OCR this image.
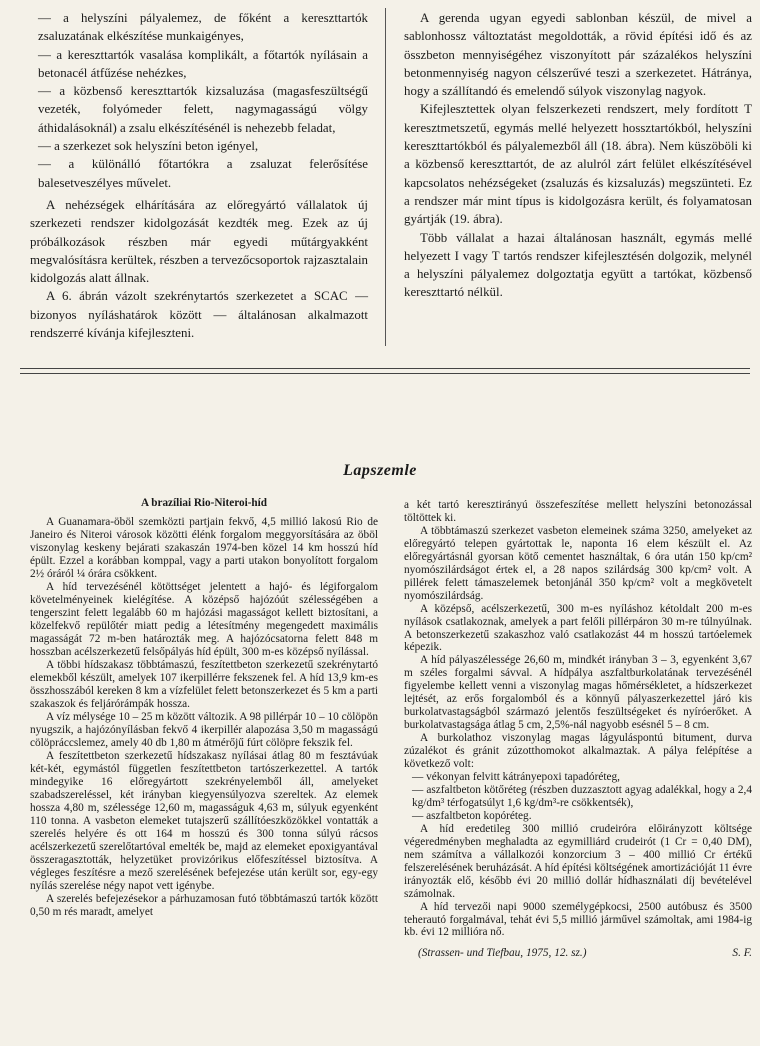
— a helyszíni pályalemez, de főként a kereszttartók zsaluzatának elkészítése munkaigényes,

— a kereszttartók vasalása komplikált, a főtartók nyílásain a betonacél átfűzése nehézkes,

— a közbenső kereszttartók kizsaluzása (magasfeszültségű vezeték, folyómeder felett, nagymagasságú völgy áthidalásoknál) a zsalu elkészítésénél is nehezebb feladat,

— a szerkezet sok helyszíni beton igényel,

— a különálló főtartókra a zsaluzat felerősítése balesetveszélyes művelet.

A nehézségek elhárítására az előregyártó vállalatok új szerkezeti rendszer kidolgozását kezdték meg. Ezek az új próbálkozások részben már egyedi műtárgyakként megvalósításra kerültek, részben a tervezőcsoportok rajzasztalain kidolgozás alatt állnak.

A 6. ábrán vázolt szekrénytartós szerkezetet a SCAC — bizonyos nyíláshatárok között — általánosan alkalmazott rendszerré kívánja kifejleszteni.

A gerenda ugyan egyedi sablonban készül, de mivel a sablonhossz változtatást megoldották, a rövid építési idő és az összbeton mennyiségéhez viszonyított pár százalékos helyszíni betonmennyiség nagyon célszerűvé teszi a szerkezetet. Hátránya, hogy a szállítandó és emelendő súlyok viszonylag nagyok.

Kifejlesztettek olyan felszerkezeti rendszert, mely fordított T keresztmetszetű, egymás mellé helyezett hossztartókból, helyszíni kereszttartókból és pályalemezből áll (18. ábra). Nem küszöböli ki a közbenső kereszttartót, de az alulról zárt felület elkészítésével kapcsolatos nehézségeket (zsaluzás és kizsaluzás) megszünteti. Ez a rendszer már mint típus is kidolgozásra került, és folyamatosan gyártják (19. ábra).

Több vállalat a hazai általánosan használt, egymás mellé helyezett I vagy T tartós rendszer kifejlesztésén dolgozik, melynél a helyszíni pályalemez dolgoztatja együtt a tartókat, közbenső kereszttartó nélkül.

Lapszemle
A brazíliai Rio-Niteroi-híd

A Guanamara-öböl szemközti partjain fekvő, 4,5 millió lakosú Rio de Janeiro és Niteroi városok közötti élénk forgalom meggyorsítására az öböl viszonylag keskeny bejárati szakaszán 1974-ben közel 14 km hosszú híd épült. Ezzel a korábban komppal, vagy a parti utakon bonyolított forgalom 2½ óráról ¼ órára csökkent.

A híd tervezésénél kötöttséget jelentett a hajó- és légiforgalom követelményeinek kielégítése. A középső hajózóút szélességében a tengerszint felett legalább 60 m hajózási magasságot kellett biztosítani, a közelfekvő repülőtér miatt pedig a létesítmény megengedett maximális magasságát 72 m-ben határozták meg. A hajózócsatorna felett 848 m hosszban acélszerkezetű felsőpályás híd épült, 300 m-es középső nyílással.

A többi hídszakasz többtámaszú, feszítettbeton szerkezetű szekrénytartó elemekből készült, amelyek 107 ikerpillérre fekszenek fel. A híd 13,9 km-es összhosszából kereken 8 km a vízfelület felett betonszerkezet és 5 km a parti szakaszok és feljárórámpák hossza.

A víz mélysége 10 – 25 m között változik. A 98 pillérpár 10 – 10 cölöpön nyugszik, a hajózónyílásban fekvő 4 ikerpillér alapozása 3,50 m magasságú cölöpráccslemez, amely 40 db 1,80 m átmérőjű fúrt cölöpre fekszik fel.

A feszítettbeton szerkezetű hídszakasz nyílásai átlag 80 m fesztávúak két-két, egymástól független feszítettbeton tartószerkezettel. A tartók mindegyike 16 előregyártott szekrényelemből áll, amelyeket szabadszereléssel, két irányban kiegyensúlyozva szereltek. Az elemek hossza 4,80 m, szélessége 12,60 m, magasságuk 4,63 m, súlyuk egyenként 110 tonna. A vasbeton elemeket tutajszerű szállítóeszközökkel vontatták a szerelés helyére és ott 164 m hosszú és 300 tonna súlyú rácsos acélszerkezetű szerelőtartóval emelték be, majd az elemeket epoxigyantával összeragasztották, helyzetüket provizórikus előfeszítéssel biztosítva. A végleges feszítésre a mező szerelésének befejezése után került sor, egy-egy nyílás szerelése négy napot vett igénybe.

A szerelés befejezésekor a párhuzamosan futó többtámaszú tartók között 0,50 m rés maradt, amelyet

a két tartó keresztirányú összefeszítése mellett helyszíni betonozással töltöttek ki.

A többtámaszú szerkezet vasbeton elemeinek száma 3250, amelyeket az előregyártó telepen gyártottak le, naponta 16 elem készült el. Az előregyártásnál gyorsan kötő cementet használtak, 6 óra után 150 kp/cm² nyomószilárdságot értek el, a 28 napos szilárdság 300 kp/cm² volt. A pillérek felett támaszelemek betonjánál 350 kp/cm² volt a megkövetelt nyomószilárdság.

A középső, acélszerkezetű, 300 m-es nyíláshoz kétoldalt 200 m-es nyílások csatlakoznak, amelyek a part felőli pillérpáron 30 m-re túlnyúlnak. A betonszerkezetű szakaszhoz való csatlakozást 44 m hosszú tartóelemek képezik.

A híd pályaszélessége 26,60 m, mindkét irányban 3 – 3, egyenként 3,67 m széles forgalmi sávval. A hídpálya aszfaltburkolatának tervezésénél figyelembe kellett venni a viszonylag magas hőmérsékletet, a hídszerkezet lejtését, az erős forgalomból és a könnyű pályaszerkezettel járó kis burkolatvastagságból származó jelentős feszültségeket és nyíróerőket. A burkolatvastagsága átlag 5 cm, 2,5%-nál nagyobb esésnél 5 – 8 cm.

A burkolathoz viszonylag magas lágyuláspontú bitument, durva zúzalékot és gránit zúzotthomokot alkalmaztak. A pálya felépítése a következő volt:

— vékonyan felvitt kátrányepoxi tapadóréteg,

— aszfaltbeton kötőréteg (részben duzzasztott agyag adalékkal, hogy a 2,4 kg/dm³ térfogatsúlyt 1,6 kg/dm³-re csökkentsék),

— aszfaltbeton kopóréteg.

A híd eredetileg 300 millió crudeiróra előirányzott költsége végeredményben meghaladta az egymilliárd crudeirót (1 Cr = 0,40 DM), nem számítva a vállalkozói konzorcium 3 – 400 millió Cr értékű felszerelésének beruházását. A híd építési költségének amortizációját 11 évre irányozták elő, később évi 20 millió dollár hídhasználati díj bevételével számolnak.

A híd tervezői napi 9000 személygépkocsi, 2500 autóbusz és 3500 teherautó forgalmával, tehát évi 5,5 millió járművel számoltak, ami 1984-ig kb. évi 12 millióra nő.

(Strassen- und Tiefbau, 1975, 12. sz.)	S. F.
